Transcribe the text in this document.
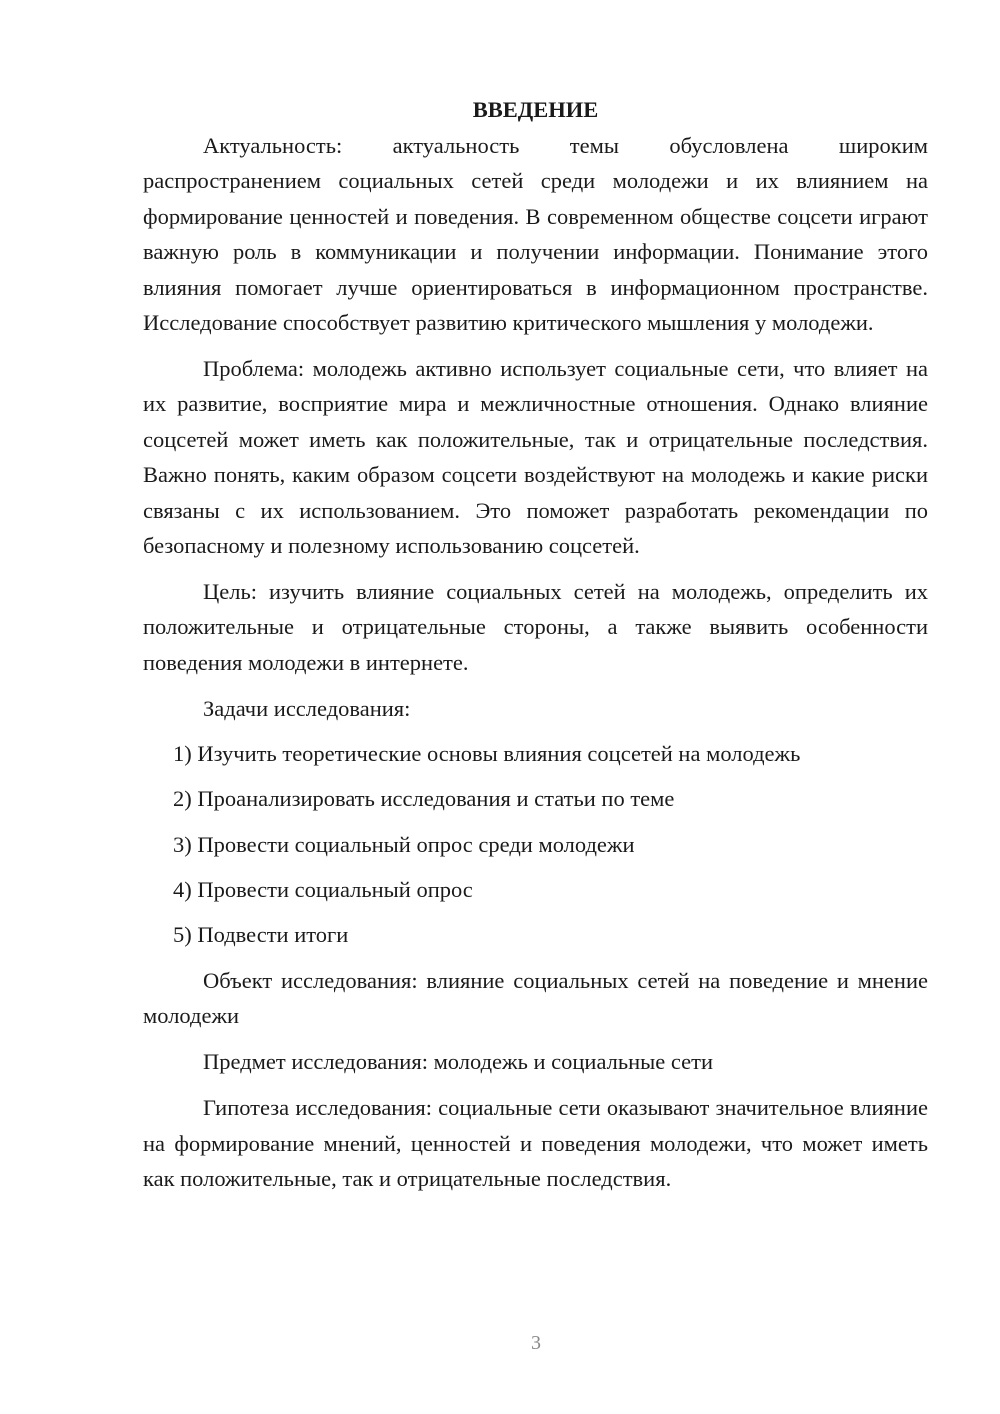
ВВЕДЕНИЕ

Актуальность: актуальность темы обусловлена широким распространением социальных сетей среди молодежи и их влиянием на формирование ценностей и поведения. В современном обществе соцсети играют важную роль в коммуникации и получении информации. Понимание этого влияния помогает лучше ориентироваться в информационном пространстве. Исследование способствует развитию критического мышления у молодежи.

Проблема: молодежь активно использует социальные сети, что влияет на их развитие, восприятие мира и межличностные отношения. Однако влияние соцсетей может иметь как положительные, так и отрицательные последствия. Важно понять, каким образом соцсети воздействуют на молодежь и какие риски связаны с их использованием. Это поможет разработать рекомендации по безопасному и полезному использованию соцсетей.

Цель: изучить влияние социальных сетей на молодежь, определить их положительные и отрицательные стороны, а также выявить особенности поведения молодежи в интернете.

Задачи исследования:

1) Изучить теоретические основы влияния соцсетей на молодежь

2) Проанализировать исследования и статьи по теме

3) Провести социальный опрос среди молодежи

4) Провести социальный опрос

5) Подвести итоги

Объект исследования: влияние социальных сетей на поведение и мнение молодежи

Предмет исследования: молодежь и социальные сети

Гипотеза исследования: социальные сети оказывают значительное влияние на формирование мнений, ценностей и поведения молодежи, что может иметь как положительные, так и отрицательные последствия.

3
